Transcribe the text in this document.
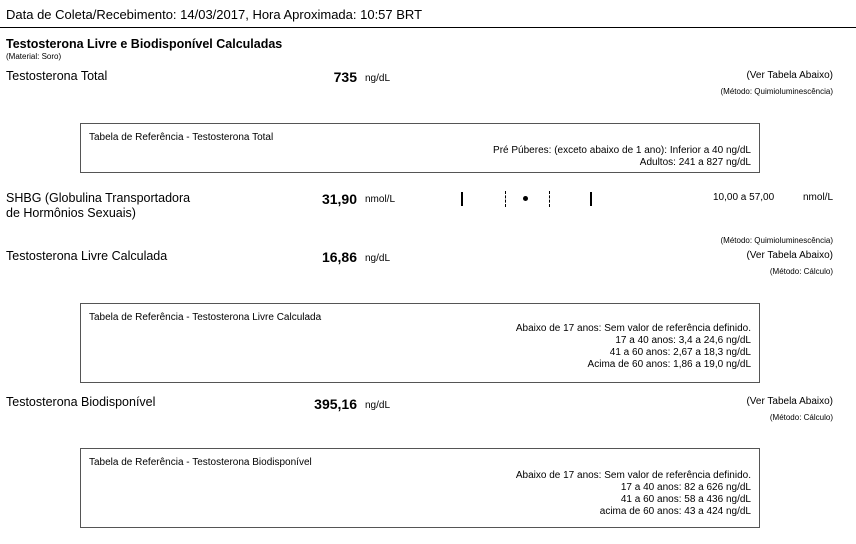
Data de Coleta/Recebimento: 14/03/2017, Hora Aproximada: 10:57 BRT
Testosterona Livre e Biodisponível Calculadas
(Material: Soro)
Testosterona Total	735 ng/dL	(Ver Tabela Abaixo)
(Método: Quimioluminescência)
Tabela de Referência - Testosterona Total
Pré Púberes: (exceto abaixo de 1 ano): Inferior a 40 ng/dL
Adultos: 241 a 827 ng/dL
SHBG (Globulina Transportadora de Hormônios Sexuais)
31,90 nmol/L	10,00 a 57,00	nmol/L
(Método: Quimioluminescência)
Testosterona Livre Calculada	16,86 ng/dL	(Ver Tabela Abaixo)
(Método: Cálculo)
Tabela de Referência - Testosterona Livre Calculada
Abaixo de 17 anos: Sem valor de referência definido.
17 a 40 anos: 3,4 a 24,6 ng/dL
41 a 60 anos: 2,67 a 18,3 ng/dL
Acima de 60 anos: 1,86 a 19,0 ng/dL
Testosterona Biodisponível	395,16 ng/dL	(Ver Tabela Abaixo)
(Método: Cálculo)
Tabela de Referência - Testosterona Biodisponível
Abaixo de 17 anos: Sem valor de referência definido.
17 a 40 anos: 82 a 626 ng/dL
41 a 60 anos: 58 a 436 ng/dL
acima de 60 anos: 43 a 424 ng/dL
